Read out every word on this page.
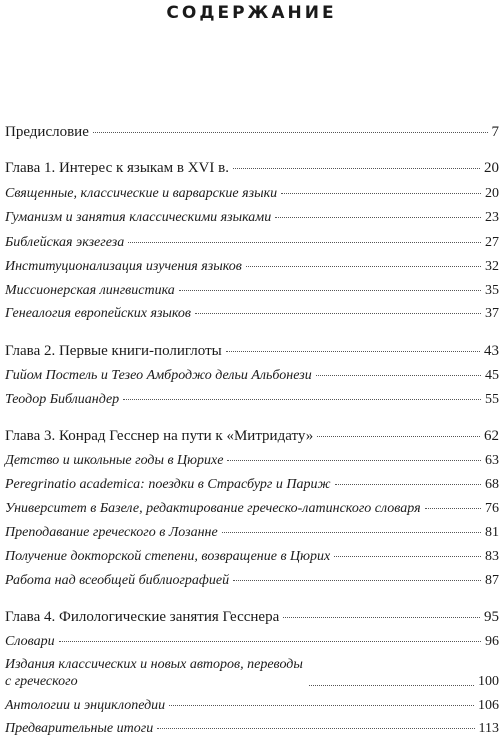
СОДЕРЖАНИЕ
Предисловие	7
Глава 1. Интерес к языкам в XVI в.	20
Священные, классические и варварские языки	20
Гуманизм и занятия классическими языками	23
Библейская экзегеза	27
Институционализация изучения языков	32
Миссионерская лингвистика	35
Генеалогия европейских языков	37
Глава 2. Первые книги-полиглоты	43
Гийом Постель и Тезео Амброджо дельи Альбонези	45
Теодор Библиандер	55
Глава 3. Конрад Гесснер на пути к «Митридату»	62
Детство и школьные годы в Цюрихе	63
Peregrinatio academica: поездки в Страсбург и Париж	68
Университет в Базеле, редактирование греческо-латинского словаря	76
Преподавание греческого в Лозанне	81
Получение докторской степени, возвращение в Цюрих	83
Работа над всеобщей библиографией	87
Глава 4. Филологические занятия Гесснера	95
Словари	96
Издания классических и новых авторов, переводы с греческого	100
Антологии и энциклопедии	106
Предварительные итоги	113
